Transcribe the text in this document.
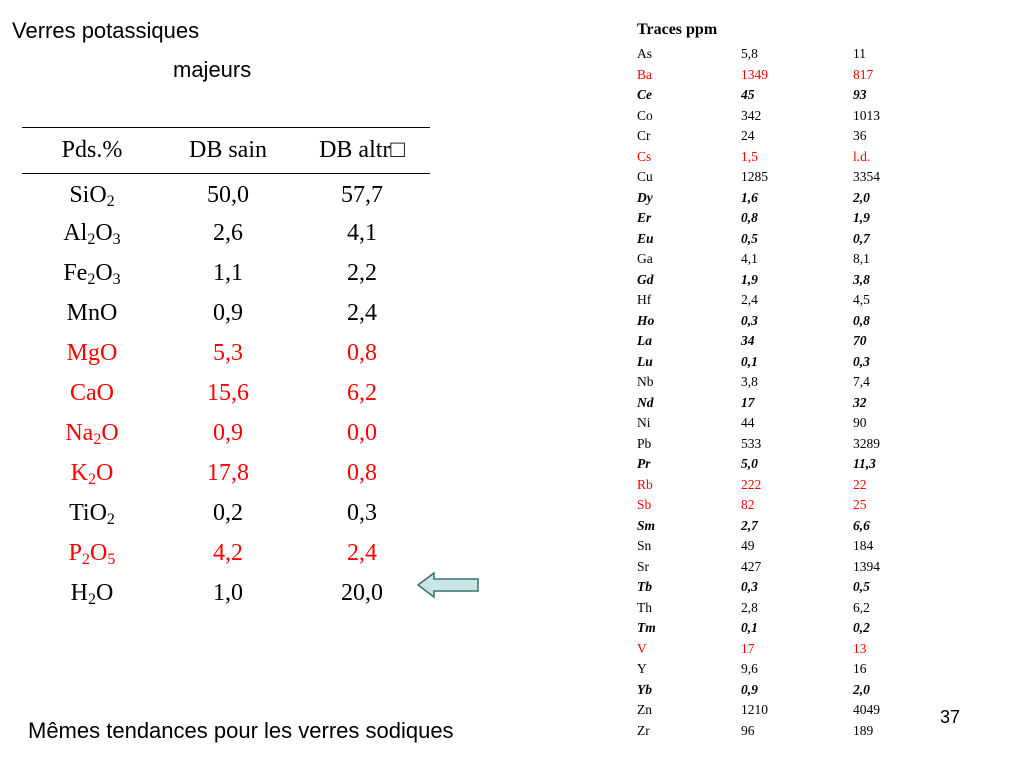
Verres potassiques
majeurs
Pds.%	DB sain	DB altr□
SiO$_2$	50,0	57,7
$Al_2O_3$	2,6	4,1
$Fe_2O_3$	1,1	2,2
MnO	0,9	2,4
MgO	5,3	0,8
CaO	15,6	6,2
$Na_2O$	0,9	0,0
$K_2O$	17,8	0,8
TiO$_2$	0,2	0,3
$P_2O_5$	4,2	2,4
$H_2O$	1,0	20,0
Traces ppm
As	5,8	11
Ba	1349	817
Ce	45	93
Co	342	1013
Cr	24	36
Cs	1,5	l.d.
Cu	1285	3354
Dy	1,6	2,0
Er	0,8	1,9
Eu	0,5	0,7
Ga	4,1	8,1
Gd	1,9	3,8
Hf	2,4	4,5
Ho	0,3	0,8
La	34	70
Lu	0,1	0,3
Nb	3,8	7,4
Nd	17	32
Ni	44	90
Pb	533	3289
Pr	5,0	11,3
Rb	222	22
Sb	82	25
Sm	2,7	6,6
Sn	49	184
Sr	427	1394
Tb	0,3	0,5
Th	2,8	6,2
Tm	0,1	0,2
V	17	13
Y	9,6	16
Yb	0,9	2,0
Zn	1210	4049
Zr	96	189
Mêmes tendances pour les verres sodiques
37
